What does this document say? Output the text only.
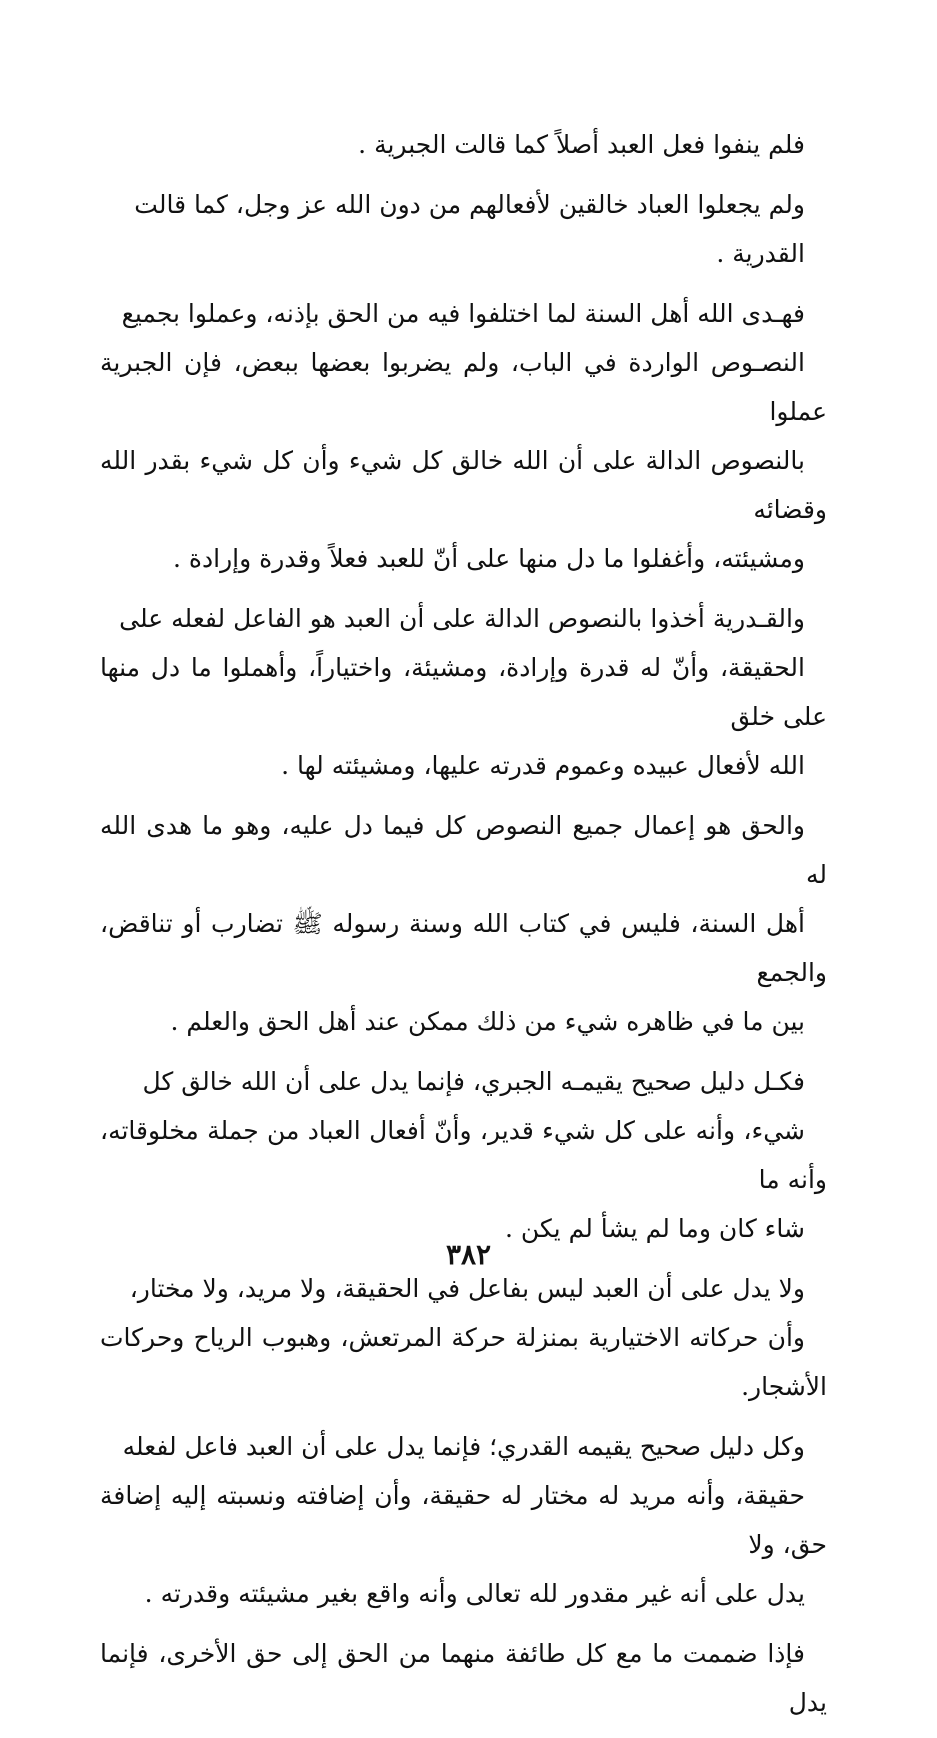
فلم ينفوا فعل العبد أصلاً كما قالت الجبرية .

ولم يجعلوا العباد خالقين لأفعالهم من دون الله عز وجل، كما قالت
القدرية .

فهـدى الله أهل السنة لما اختلفوا فيه من الحق بإذنه، وعملوا بجميع
النصـوص الواردة في الباب، ولم يضربوا بعضها ببعض، فإن الجبرية عملوا
بالنصوص الدالة على أن الله خالق كل شيء وأن كل شيء بقدر الله وقضائه
ومشيئته، وأغفلوا ما دل منها على أنّ للعبد فعلاً وقدرة وإرادة .

والقـدرية أخذوا بالنصوص الدالة على أن العبد هو الفاعل لفعله على
الحقيقة، وأنّ له قدرة وإرادة، ومشيئة، واختياراً، وأهملوا ما دل منها على خلق
الله لأفعال عبيده وعموم قدرته عليها، ومشيئته لها .

والحق هو إعمال جميع النصوص كل فيما دل عليه، وهو ما هدى الله له
أهل السنة، فليس في كتاب الله وسنة رسوله ﷺ تضارب أو تناقض، والجمع
بين ما في ظاهره شيء من ذلك ممكن عند أهل الحق والعلم .

فكـل دليل صحيح يقيمـه الجبري، فإنما يدل على أن الله خالق كل
شيء، وأنه على كل شيء قدير، وأنّ أفعال العباد من جملة مخلوقاته، وأنه ما
شاء كان وما لم يشأ لم يكن .

ولا يدل على أن العبد ليس بفاعل في الحقيقة، ولا مريد، ولا مختار،
وأن حركاته الاختيارية بمنزلة حركة المرتعش، وهبوب الرياح وحركات الأشجار.

وكل دليل صحيح يقيمه القدري؛ فإنما يدل على أن العبد فاعل لفعله
حقيقة، وأنه مريد له مختار له حقيقة، وأن إضافته ونسبته إليه إضافة حق، ولا
يدل على أنه غير مقدور لله تعالى وأنه واقع بغير مشيئته وقدرته .

فإذا ضممت ما مع كل طائفة منهما من الحق إلى حق الأخرى، فإنما يدل

٣٨٢
